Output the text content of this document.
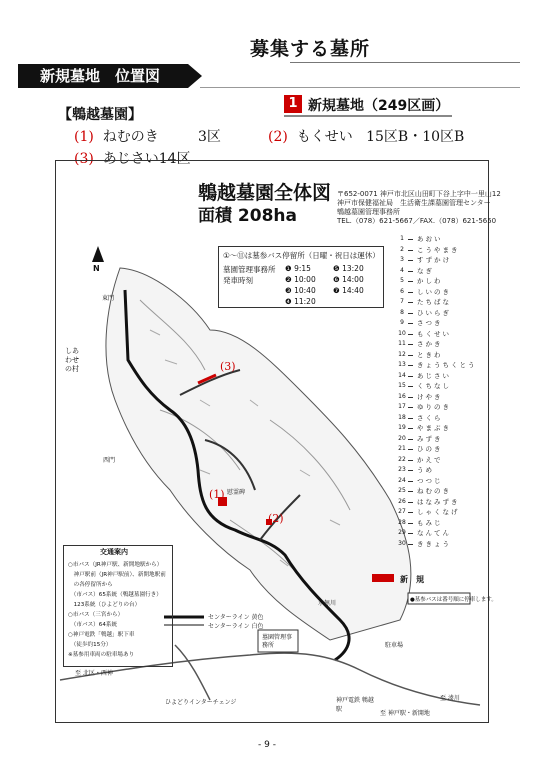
募集する墓所
新規墓地　位置図
【鵯越墓園】
1 新規墓地（249区画）
(1) ねむのき	3区	(2) もくせい 15区B・10区B
(3) あじさい14区
鵯越墓園全体図
面積 208ha
〒652-0071 神戸市北区山田町下谷上字中一里山12
神戸市保健福祉局　生活衛生課墓園管理センター
鵯越墓園管理事務所
TEL.（078）621-5667／FAX.（078）621-5650
N
しあわせの村
東門
西門
墓園管理事務所
水無川
ひよどりインターチェンジ	神戸電鉄 鵯越駅
至 北区・西神
至 湊川
至 神戸駅・新開地
センターライン 黄色
センターライン 白色
慰霊碑
駐車場
(1)
(2)
(3)
新　規
●墓参バスは番号順に停車します。
①〜⑪は墓参バス停留所（日曜・祝日は運休）
墓園管理事務所
発車時刻
❶ 9:15	❺ 13:20
❷ 10:00 ❻ 14:00
❸ 10:40 ❼ 14:40
❹ 11:20
1	あおい
2	こうやまき
3	すずかけ
4	なぎ
5	かしわ
6	しいのき
7	たちばな
8	ひいらぎ
9	さつき
10 もくせい
11 さかき
12 ときわ
13 きょうちくとう
14 あじさい
15 くちなし
16 けやき
17 ゆりのき
18 さくら
19 やまぶき
20 みずき
21 ひのき
22 かえで
23 うめ
24 つつじ
25 ねむのき
26 はなみずき
27 しゃくなげ
28 もみじ
29 なんてん
30 ききょう
交通案内
○市バス（JR神戸駅、新開地駅から）
　神戸駅前（JR神戸駅前）、新開地駅前
　の各停留所から
　（市バス）65系統（鵯越墓園行き）
　123系統（ひよどりの台）
○市バス（三宮から）
　（市バス）64系統
○神戸電鉄「鵯越」駅下車
　（徒歩約15分）
※墓参用車両の駐車場あり
- 9 -
